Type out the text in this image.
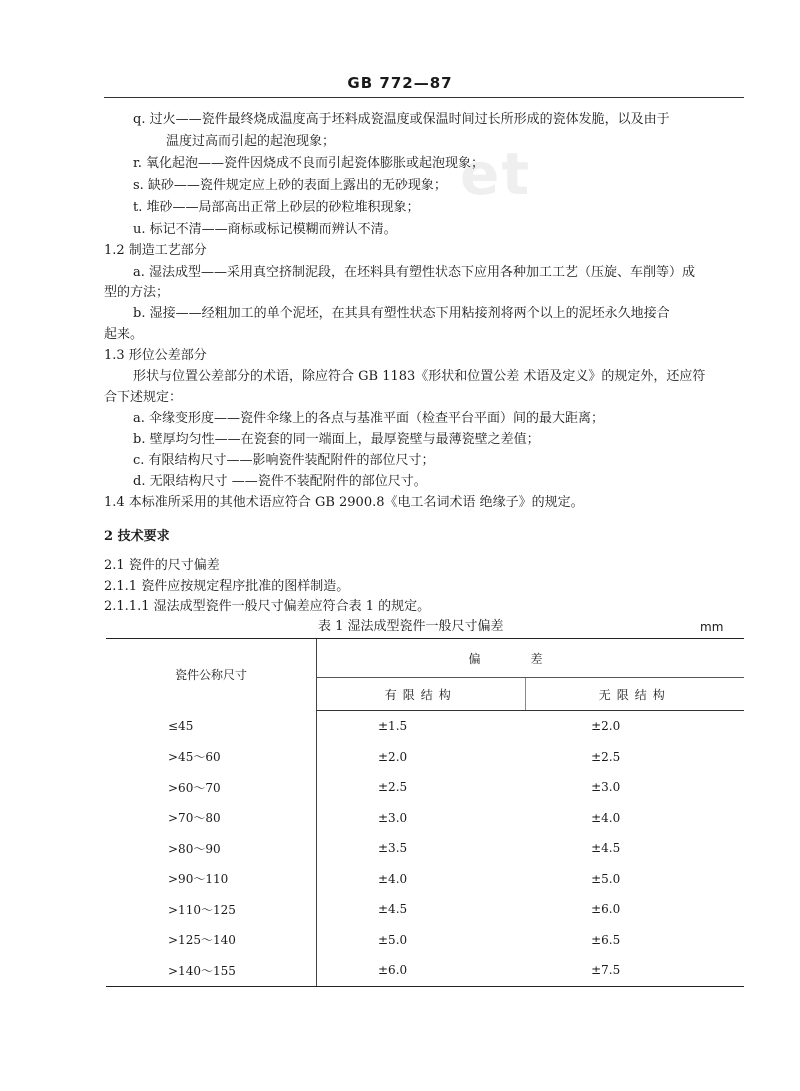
GB 772—87
et
q. 过火——瓷件最终烧成温度高于坯料成瓷温度或保温时间过长所形成的瓷体发脆，以及由于
温度过高而引起的起泡现象；
r. 氧化起泡——瓷件因烧成不良而引起瓷体膨胀或起泡现象；
s. 缺砂——瓷件规定应上砂的表面上露出的无砂现象；
t. 堆砂——局部高出正常上砂层的砂粒堆积现象；
u. 标记不清——商标或标记模糊而辨认不清。
1.2 制造工艺部分
a. 湿法成型——采用真空挤制泥段，在坯料具有塑性状态下应用各种加工工艺（压旋、车削等）成
型的方法；
b. 湿接——经粗加工的单个泥坯，在其具有塑性状态下用粘接剂将两个以上的泥坯永久地接合
起来。
1.3 形位公差部分
形状与位置公差部分的术语，除应符合 GB 1183《形状和位置公差 术语及定义》的规定外，还应符
合下述规定：
a. 伞缘变形度——瓷件伞缘上的各点与基准平面（检查平台平面）间的最大距离；
b. 壁厚均匀性——在瓷套的同一端面上，最厚瓷壁与最薄瓷壁之差值；
c. 有限结构尺寸——影响瓷件装配附件的部位尺寸；
d. 无限结构尺寸 ——瓷件不装配附件的部位尺寸。
1.4 本标准所采用的其他术语应符合 GB 2900.8《电工名词术语 绝缘子》的规定。
2 技术要求
2.1 瓷件的尺寸偏差
2.1.1 瓷件应按规定程序批准的图样制造。
2.1.1.1 湿法成型瓷件一般尺寸偏差应符合表 1 的规定。
表 1 湿法成型瓷件一般尺寸偏差	mm
瓷件公称尺寸	偏差	
	有限结构	无限结构
≤45	±1.5	±2.0
>45～60	±2.0	±2.5
>60～70	±2.5	±3.0
>70～80	±3.0	±4.0
>80～90	±3.5	±4.5
>90～110	±4.0	±5.0
>110～125	±4.5	±6.0
>125～140	±5.0	±6.5
>140～155	±6.0	±7.5
